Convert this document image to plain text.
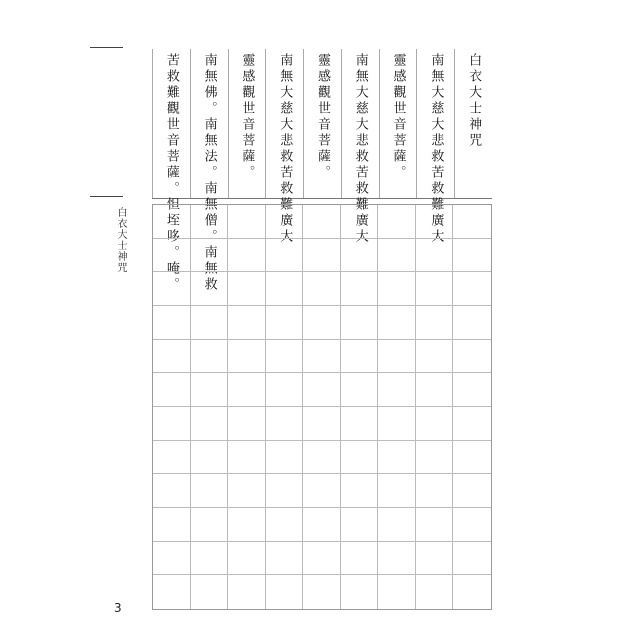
白衣大士神咒
3
白衣大士神咒
南無大慈大悲救苦救難廣大
靈感觀世音菩薩。
南無大慈大悲救苦救難廣大
靈感觀世音菩薩。
南無大慈大悲救苦救難廣大
靈感觀世音菩薩。
南無佛。南無法。南無僧。南無救
苦救難觀世音菩薩。怛垤哆。唵。
